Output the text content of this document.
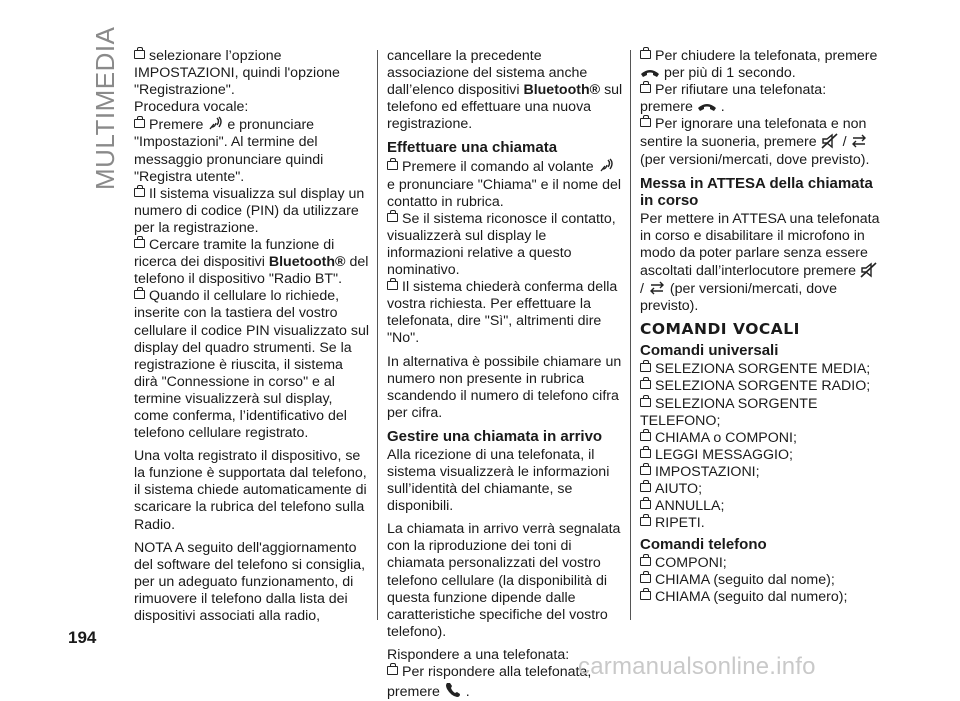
MULTIMEDIA	selezionare l’opzione IMPOSTAZIONI, quindi l'opzione "Registrazione".

Procedura vocale:

Premere e pronunciare "Impostazioni". Al termine del messaggio pronunciare quindi "Registra utente".

Il sistema visualizza sul display un numero di codice (PIN) da utilizzare per la registrazione.

Cercare tramite la funzione di ricerca dei dispositivi Bluetooth® del telefono il dispositivo "Radio BT".

Quando il cellulare lo richiede, inserite con la tastiera del vostro cellulare il codice PIN visualizzato sul display del quadro strumenti. Se la registrazione è riuscita, il sistema dirà "Connessione in corso" e al termine visualizzerà sul display, come conferma, l’identificativo del telefono cellulare registrato.

Una volta registrato il dispositivo, se la funzione è supportata dal telefono, il sistema chiede automaticamente di scaricare la rubrica del telefono sulla Radio.

NOTA A seguito dell'aggiornamento del software del telefono si consiglia, per un adeguato funzionamento, di rimuovere il telefono dalla lista dei dispositivi associati alla radio,

cancellare la precedente associazione del sistema anche dall’elenco dispositivi Bluetooth® sul telefono ed effettuare una nuova registrazione.

Effettuare una chiamata

Premere il comando al volante  e pronunciare "Chiama" e il nome del contatto in rubrica.

Se il sistema riconosce il contatto, visualizzerà sul display le informazioni relative a questo nominativo.

Il sistema chiederà conferma della vostra richiesta. Per effettuare la telefonata, dire "Sì", altrimenti dire "No".

In alternativa è possibile chiamare un numero non presente in rubrica scandendo il numero di telefono cifra per cifra.

Gestire una chiamata in arrivo

Alla ricezione di una telefonata, il sistema visualizzerà le informazioni sull’identità del chiamante, se disponibili.

La chiamata in arrivo verrà segnalata con la riproduzione dei toni di chiamata personalizzati del vostro telefono cellulare (la disponibilità di questa funzione dipende dalle caratteristiche specifiche del vostro telefono).

Rispondere a una telefonata:

Per rispondere alla telefonata, premere .

Per chiudere la telefonata, premere  per più di 1 secondo.

Per rifiutare una telefonata: premere .

Per ignorare una telefonata e non sentire la suoneria, premere /  (per versioni/mercati, dove previsto).

Messa in ATTESA della chiamata in corso

Per mettere in ATTESA una telefonata in corso e disabilitare il microfono in modo da poter parlare senza essere ascoltati dall’interlocutore premere  / (per versioni/mercati, dove previsto).

COMANDI VOCALI
Comandi universali

SELEZIONA SORGENTE MEDIA;

SELEZIONA SORGENTE RADIO;

SELEZIONA SORGENTE TELEFONO;

CHIAMA o COMPONI;

LEGGI MESSAGGIO;

IMPOSTAZIONI;

AIUTO;

ANNULLA;

RIPETI.

Comandi telefono

COMPONI;

CHIAMA (seguito dal nome);

CHIAMA (seguito dal numero);

194
carmanualsonline.info
